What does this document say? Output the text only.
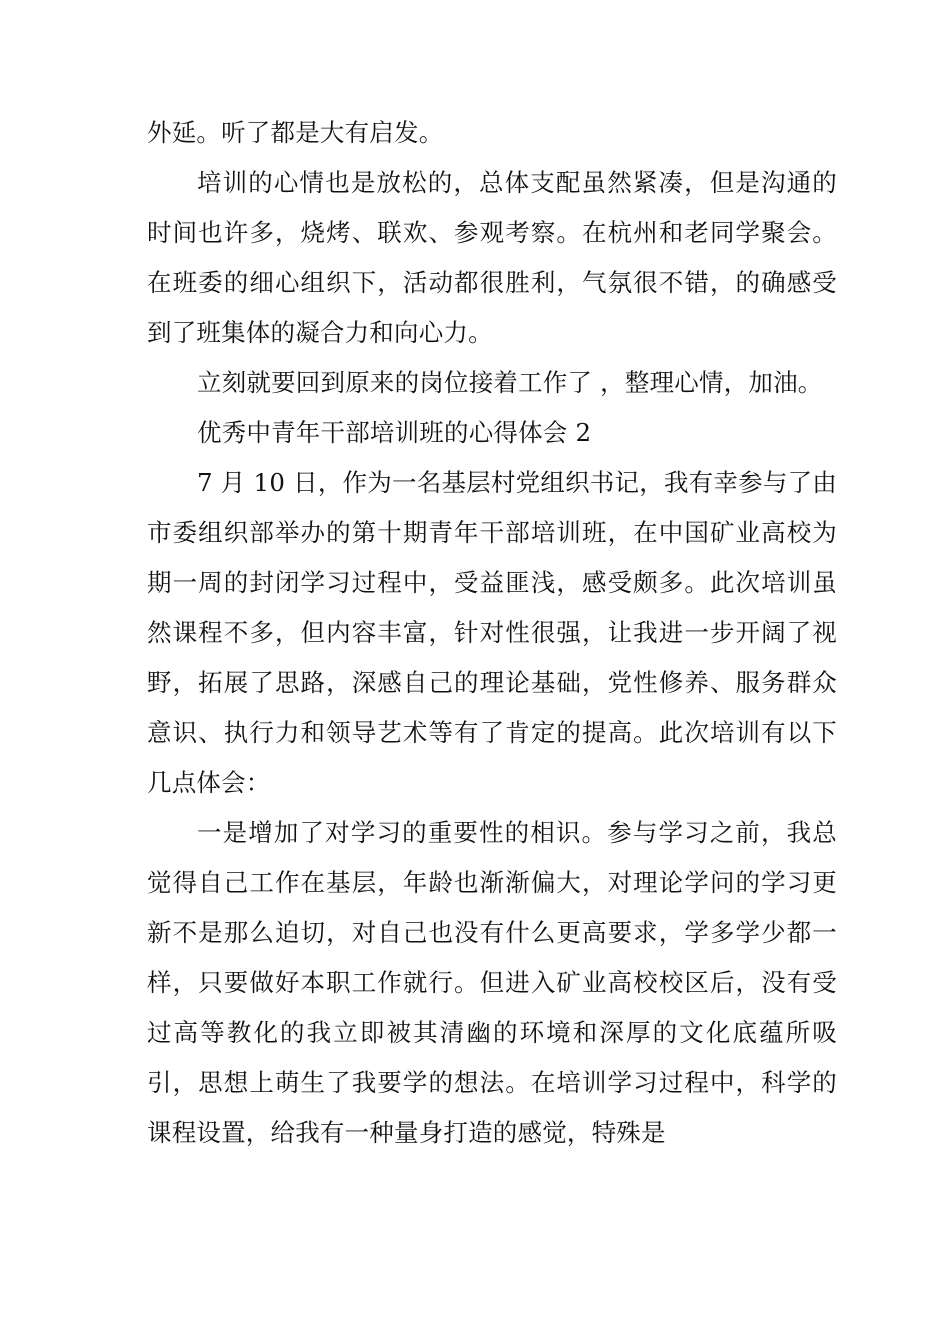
外延。听了都是大有启发。

培训的心情也是放松的，总体支配虽然紧凑，但是沟通的时间也许多，烧烤、联欢、参观考察。在杭州和老同学聚会。在班委的细心组织下，活动都很胜利，气氛很不错，的确感受到了班集体的凝合力和向心力。

立刻就要回到原来的岗位接着工作了 ，整理心情，加油。

优秀中青年干部培训班的心得体会 2

7 月 10 日，作为一名基层村党组织书记，我有幸参与了由市委组织部举办的第十期青年干部培训班，在中国矿业高校为期一周的封闭学习过程中，受益匪浅，感受颇多。此次培训虽然课程不多，但内容丰富，针对性很强，让我进一步开阔了视野，拓展了思路，深感自己的理论基础，党性修养、服务群众意识、执行力和领导艺术等有了肯定的提高。此次培训有以下几点体会：

一是增加了对学习的重要性的相识。参与学习之前，我总觉得自己工作在基层，年龄也渐渐偏大，对理论学问的学习更新不是那么迫切，对自己也没有什么更高要求，学多学少都一样，只要做好本职工作就行。但进入矿业高校校区后，没有受过高等教化的我立即被其清幽的环境和深厚的文化底蕴所吸引，思想上萌生了我要学的想法。在培训学习过程中，科学的课程设置，给我有一种量身打造的感觉，特殊是
